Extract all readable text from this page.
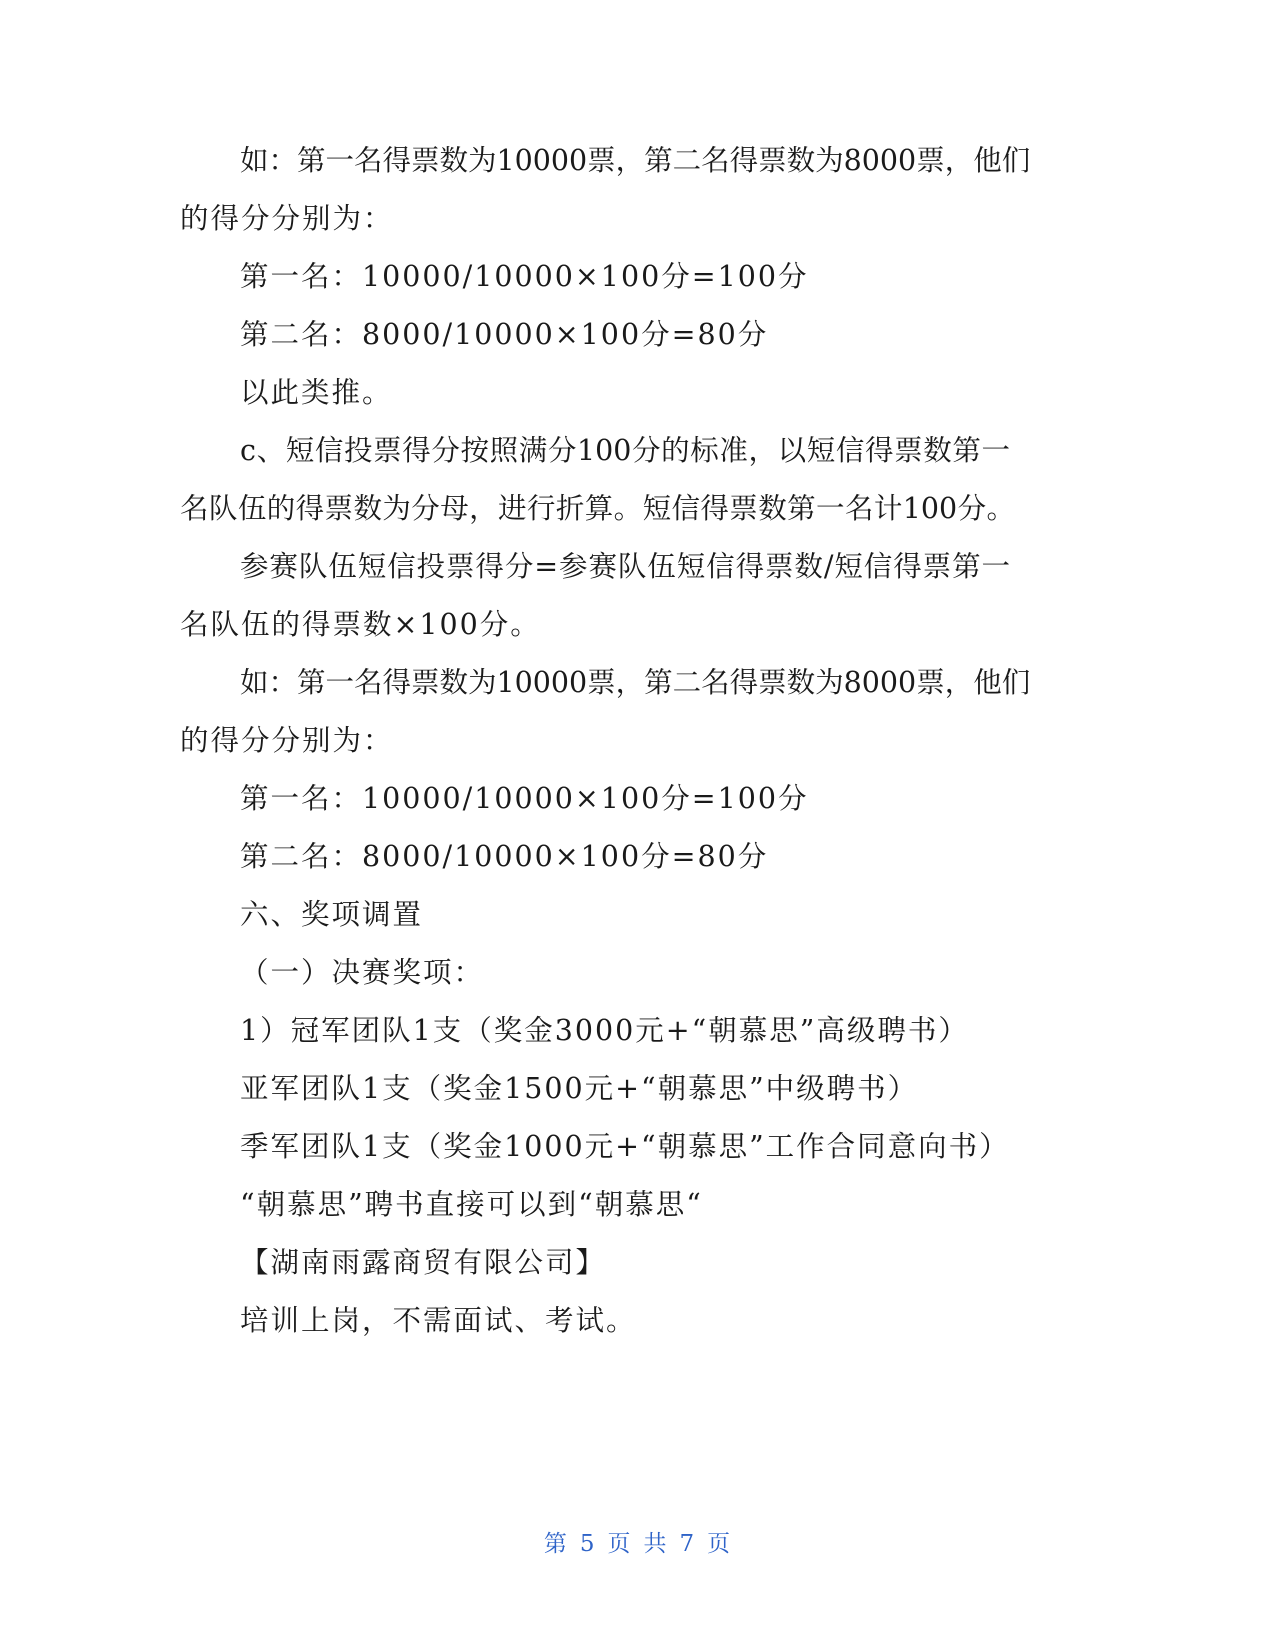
如：第一名得票数为10000票，第二名得票数为8000票，他们
的得分分别为：
第一名：10000/10000×100分=100分
第二名：8000/10000×100分=80分
以此类推。
c、短信投票得分按照满分100分的标准，以短信得票数第一
名队伍的得票数为分母，进行折算。短信得票数第一名计100分。
参赛队伍短信投票得分=参赛队伍短信得票数/短信得票第一
名队伍的得票数×100分。
如：第一名得票数为10000票，第二名得票数为8000票，他们
的得分分别为：
第一名：10000/10000×100分=100分
第二名：8000/10000×100分=80分
六、奖项调置
（一）决赛奖项：
1）冠军团队1支（奖金3000元+“朝慕思”高级聘书）
亚军团队1支（奖金1500元+“朝慕思”中级聘书）
季军团队1支（奖金1000元+“朝慕思”工作合同意向书）
“朝慕思”聘书直接可以到“朝慕思“
【湖南雨露商贸有限公司】
培训上岗，不需面试、考试。
第 5 页 共 7 页
